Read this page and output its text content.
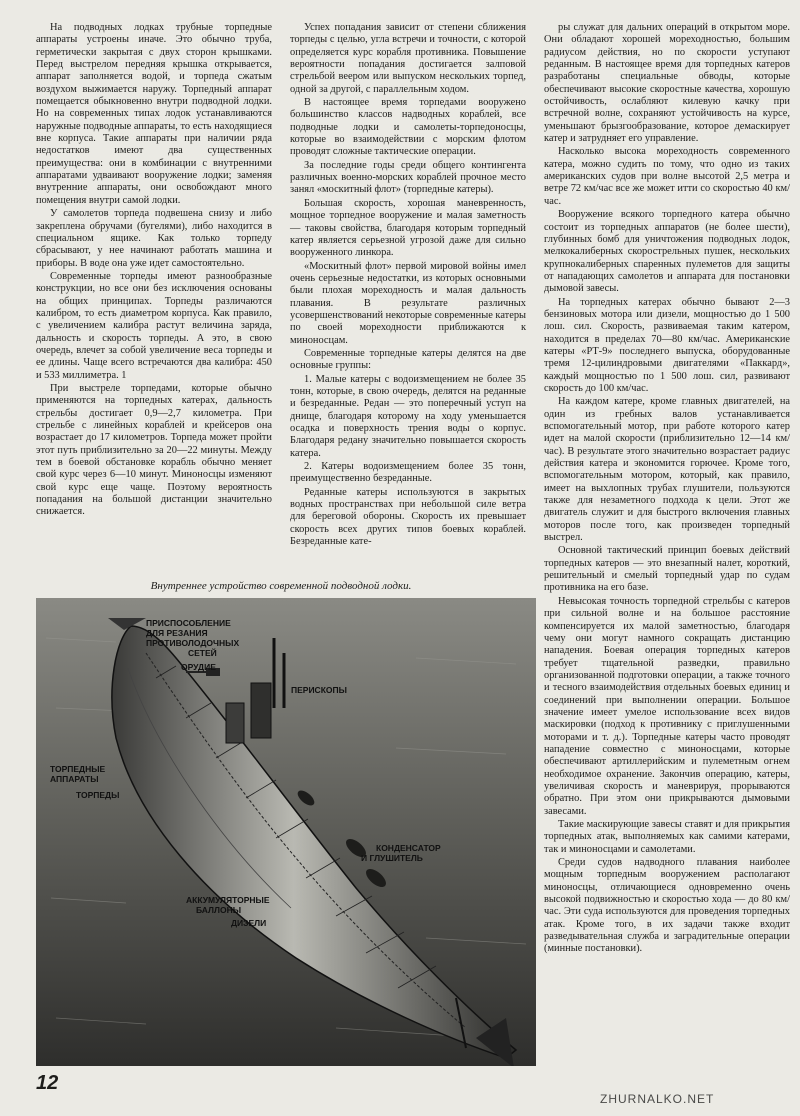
На подводных лодках трубные торпедные аппараты устроены иначе. Это обычно труба, герметически закрытая с двух сторон крышками. Перед выстрелом передняя крышка открывается, аппарат заполняется водой, и торпеда сжатым воздухом выжимается наружу. Торпедный аппарат помещается обыкновенно внутри подводной лодки. Но на современных типах лодок устанавливаются наружные подводные аппараты, то есть находящиеся вне корпуса. Такие аппараты при наличии ряда недостатков имеют два существенных преимущества: они в комбинации с внутренними аппаратами удваивают вооружение лодки; заменяя внутренние аппараты, они освобождают много помещения внутри самой лодки.

У самолетов торпеда подвешена снизу и либо закреплена обручами (бугелями), либо находится в специальном ящике. Как только торпеду сбрасывают, у нее начинают работать машина и приборы. В воде она уже идет самостоятельно.

Современные торпеды имеют разнообразные конструкции, но все они без исключения основаны на общих принципах. Торпеды различаются калибром, то есть диаметром корпуса. Как правило, с увеличением калибра растут величина заряда, дальность и скорость торпеды. А это, в свою очередь, влечет за собой увеличение веса торпеды и ее длины. Чаще всего встречаются два калибра: 450 и 533 миллиметра. 1

При выстреле торпедами, которые обычно применяются на торпедных катерах, дальность стрельбы достигает 0,9—2,7 километра. При стрельбе с линейных кораблей и крейсеров она возрастает до 17 километров. Торпеда может пройти этот путь приблизительно за 20—22 минуты. Между тем в боевой обстановке корабль обычно меняет свой курс через 6—10 минут. Миноносцы изменяют свой курс еще чаще. Поэтому вероятность попадания на большой дистанции значительно снижается.

Успех попадания зависит от степени сближения торпеды с целью, угла встречи и точности, с которой определяется курс корабля противника. Повышение вероятности попадания достигается залповой стрельбой веером или выпуском нескольких торпед, одной за другой, с параллельным ходом.

В настоящее время торпедами вооружено большинство классов надводных кораблей, все подводные лодки и самолеты-торпедоносцы, которые во взаимодействии с морским флотом проводят сложные тактические операции.

За последние годы среди общего контингента различных военно-морских кораблей прочное место занял «москитный флот» (торпедные катеры).

Большая скорость, хорошая маневренность, мощное торпедное вооружение и малая заметность — таковы свойства, благодаря которым торпедный катер является серьезной угрозой даже для сильно вооруженного линкора.

«Москитный флот» первой мировой войны имел очень серьезные недостатки, из которых основными были плохая мореходность и малая дальность плавания. В результате различных усовершенствований некоторые современные катеры по своей мореходности приближаются к миноносцам.

Современные торпедные катеры делятся на две основные группы:

1. Малые катеры с водоизмещением не более 35 тонн, которые, в свою очередь, делятся на реданные и безреданные. Редан — это поперечный уступ на днище, благодаря которому на ходу уменьшается осадка и поверхность трения воды о корпус. Благодаря редану значительно повышается скорость катера.

2. Катеры водоизмещением более 35 тонн, преимущественно безреданные.

Реданные катеры используются в закрытых водных пространствах при небольшой силе ветра для береговой обороны. Скорость их превышает скорость всех других типов боевых кораблей. Безреданные кате-

ры служат для дальних операций в открытом море. Они обладают хорошей мореходностью, большим радиусом действия, но по скорости уступают реданным. В настоящее время для торпедных катеров разработаны специальные обводы, которые обеспечивают высокие скоростные качества, хорошую остойчивость, ослабляют килевую качку при встречной волне, сохраняют устойчивость на курсе, уменьшают брызгообразование, которое демаскирует катер и затрудняет его управление.

Насколько высока мореходность современного катера, можно судить по тому, что одно из таких американских судов при волне высотой 2,5 метра и ветре 72 км/час все же может итти со скоростью 40 км/час.

Вооружение всякого торпедного катера обычно состоит из торпедных аппаратов (не более шести), глубинных бомб для уничтожения подводных лодок, мелкокалиберных скорострельных пушек, нескольких крупнокалиберных спаренных пулеметов для защиты от нападающих самолетов и аппарата для постановки дымовой завесы.

На торпедных катерах обычно бывают 2—3 бензиновых мотора или дизели, мощностью до 1 500 лош. сил. Скорость, развиваемая таким катером, находится в пределах 70—80 км/час. Американские катеры «РТ-9» последнего выпуска, оборудованные тремя 12-цилиндровыми двигателями «Паккард», каждый мощностью по 1 500 лош. сил, развивают скорость до 100 км/час.

На каждом катере, кроме главных двигателей, на один из гребных валов устанавливается вспомогательный мотор, при работе которого катер идет на малой скорости (приблизительно 12—14 км/час). В результате этого значительно возрастает радиус действия катера и экономится горючее. Кроме того, вспомогательным мотором, который, как правило, имеет на выхлопных трубах глушители, пользуются также для незаметного подхода к цели. Этот же двигатель служит и для быстрого включения главных моторов после того, как произведен торпедный выстрел.

Основной тактический принцип боевых действий торпедных катеров — это внезапный налет, короткий, решительный и смелый торпедный удар по судам противника на его базе.

Невысокая точность торпедной стрельбы с катеров при сильной волне и на большое расстояние компенсируется их малой заметностью, благодаря чему они могут намного сокращать дистанцию нападения. Боевая операция торпедных катеров требует тщательной разведки, правильно организованной подготовки операции, а также точного и тесного взаимодействия отдельных боевых единиц и соединений при выполнении операции. Большое значение имеет умелое использование всех видов маскировки (подход к противнику с приглушенными моторами и т. д.). Торпедные катеры часто проводят нападение совместно с миноносцами, которые обеспечивают артиллерийским и пулеметным огнем необходимое охранение. Закончив операцию, катеры, увеличивая скорость и маневрируя, прорываются обратно. При этом они прикрываются дымовыми завесами.

Такие маскирующие завесы ставят и для прикрытия торпедных атак, выполняемых как самими катерами, так и миноносцами и самолетами.

Среди судов надводного плавания наиболее мощным торпедным вооружением располагают миноносцы, отличающиеся одновременно очень высокой подвижностью и скоростью хода — до 80 км/час. Эти суда используются для проведения торпедных атак. Кроме того, в их задачи также входит разведывательная служба и заградительные операции (минные постановки).

Внутреннее устройство современной подводной лодки.
ПРИСПОСОБЛЕНИЕ
ДЛЯ РЕЗАНИЯ
ПРОТИВОЛОДОЧНЫХ
СЕТЕЙ
ОРУДИЕ
ПЕРИСКОПЫ
ТОРПЕДНЫЕ
АППАРАТЫ
ТОРПЕДЫ
КОНДЕНСАТОР
И ГЛУШИТЕЛЬ
АККУМУЛЯТОРНЫЕ
БАЛЛОНЫ
ДИЗЕЛИ
12
ZHURNALKO.NET
